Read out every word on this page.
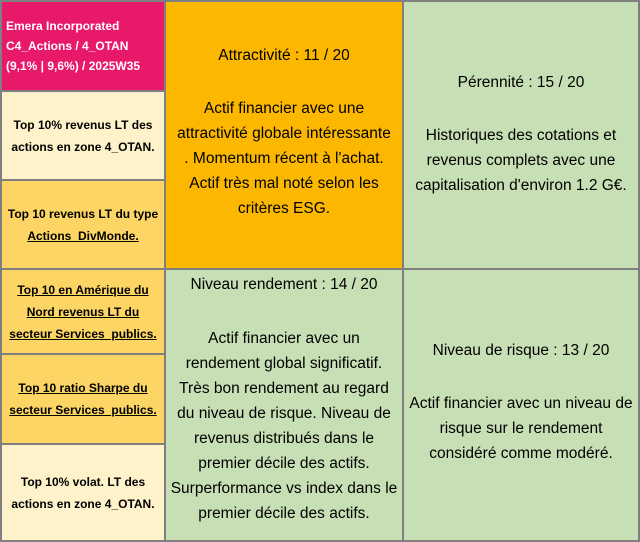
Emera Incorporated
C4_Actions / 4_OTAN
(9,1% | 9,6%) / 2025W35
Top 10% revenus LT des actions en zone 4_OTAN.
Top 10 revenus LT du type
Actions_DivMonde.
Top 10 en Amérique du Nord revenus LT du secteur Services_publics.
Top 10 ratio Sharpe du secteur Services_publics.
Top 10% volat. LT des actions en zone 4_OTAN.
Attractivité : 11 / 20
Actif financier avec une
attractivité globale intéressante
. Momentum récent à l'achat.
Actif très mal noté selon les
critères ESG.
Pérennité : 15 / 20
Historiques des cotations et
revenus complets avec une
capitalisation d'environ 1.2 G€.
Niveau rendement : 14 / 20
Actif financier avec un
rendement global significatif.
Très bon rendement au regard
du niveau de risque. Niveau de
revenus distribués dans le
premier décile des actifs.
Surperformance vs index dans le
premier décile des actifs.
Niveau de risque : 13 / 20
Actif financier avec un niveau de
risque sur le rendement
considéré comme modéré.
